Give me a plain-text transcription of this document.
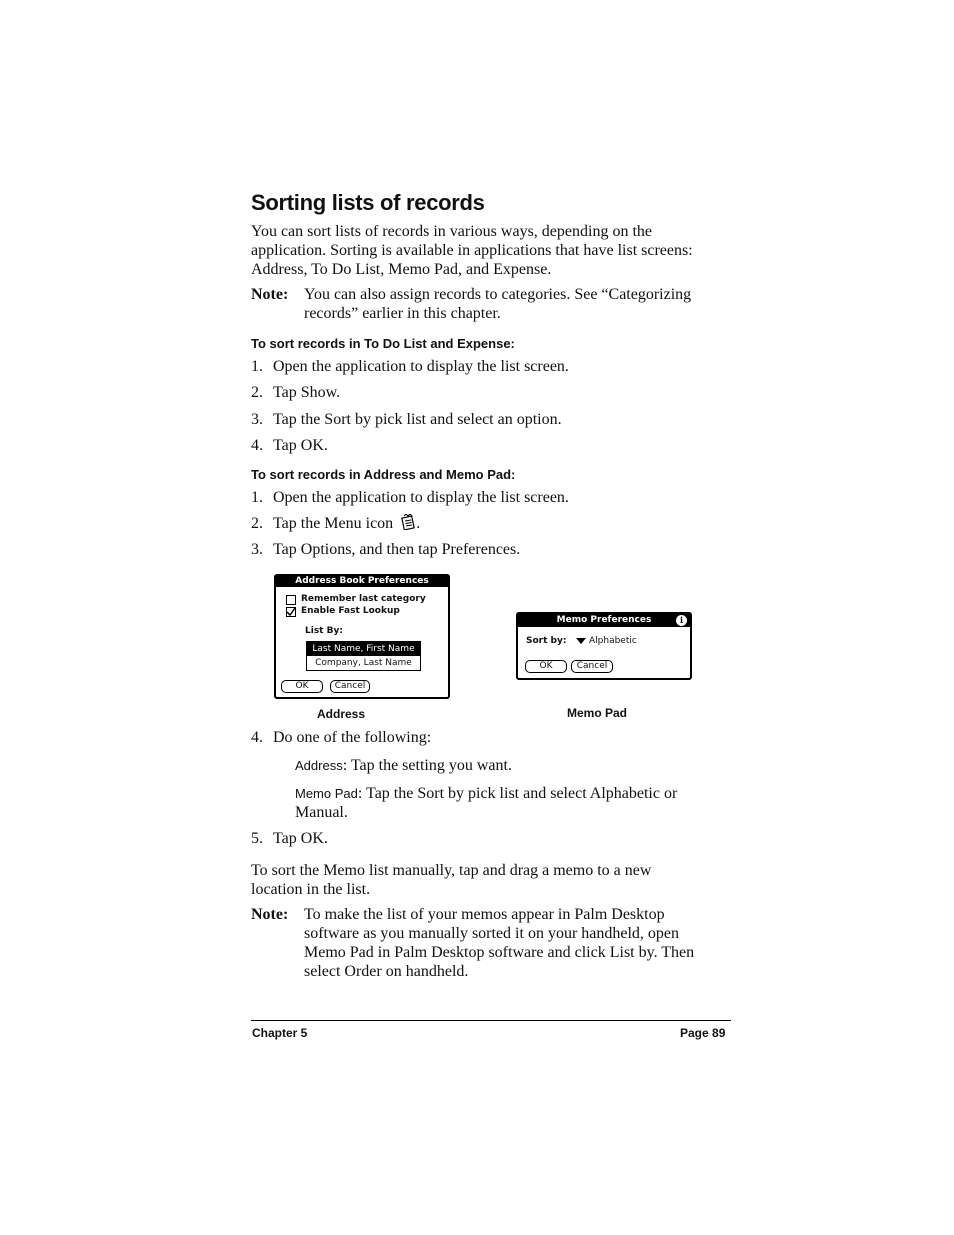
Sorting lists of records
You can sort lists of records in various ways, depending on the
application. Sorting is available in applications that have list screens:
Address, To Do List, Memo Pad, and Expense.
Note: You can also assign records to categories. See “Categorizing
records” earlier in this chapter.
To sort records in To Do List and Expense:
1. Open the application to display the list screen.
2. Tap Show.
3. Tap the Sort by pick list and select an option.
4. Tap OK.
To sort records in Address and Memo Pad:
1. Open the application to display the list screen.
2. Tap the Menu icon .
3. Tap Options, and then tap Preferences.
Address Book Preferences
Remember last category
Enable Fast Lookup
List By:
Last Name, First Name
Company, Last Name
OK	Cancel
Address
Memo Preferences	i
Sort by:	Alphabetic
OK	Cancel
Memo Pad
4. Do one of the following:
Address: Tap the setting you want.
Memo Pad: Tap the Sort by pick list and select Alphabetic or
Manual.
5. Tap OK.
To sort the Memo list manually, tap and drag a memo to a new
location in the list.
Note: To make the list of your memos appear in Palm Desktop
software as you manually sorted it on your handheld, open
Memo Pad in Palm Desktop software and click List by. Then
select Order on handheld.
Chapter 5	Page 89
